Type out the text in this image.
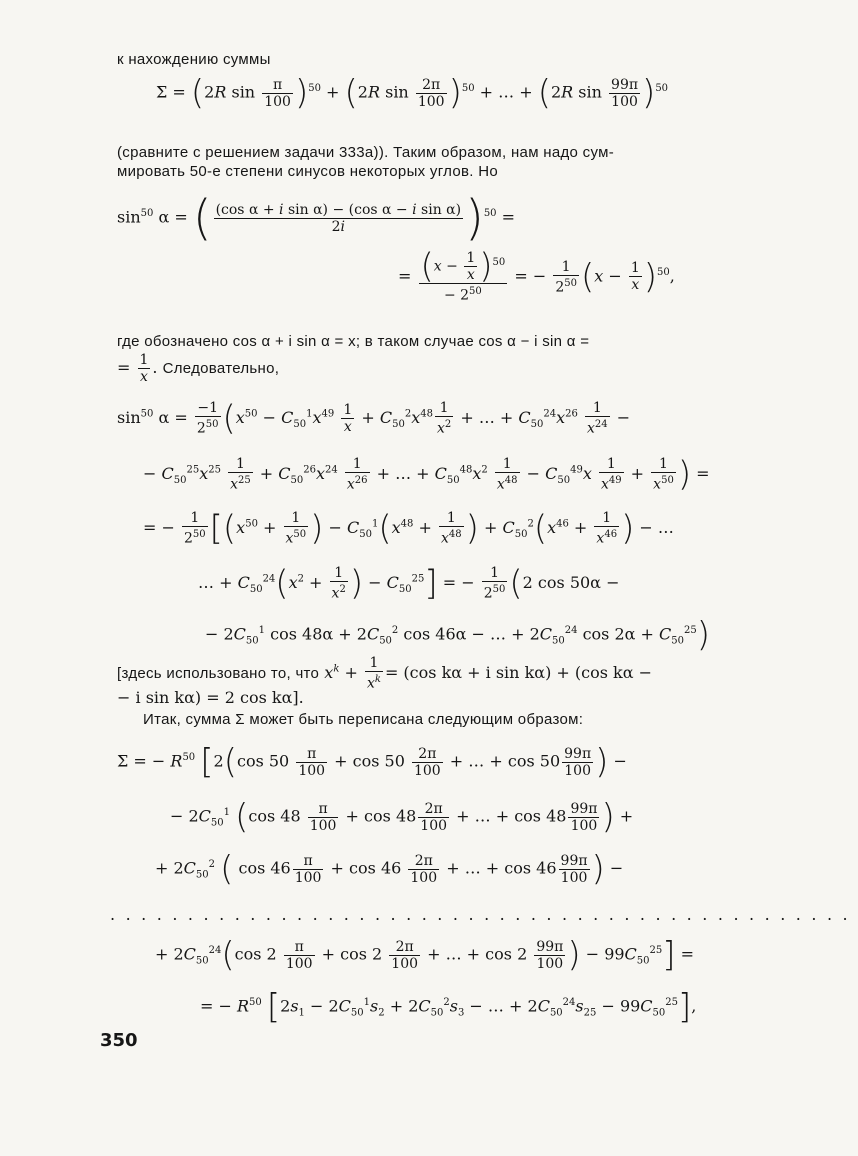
к нахождению суммы
Σ = (2R $\sin \frac{\pi}{100} )^{50} + (2R$ $\sin \frac{2\pi}{100} )^{50}$ + … + (2R $\sin \frac{99\pi}{100} )^{50}$
(сравните с решением задачи 333а)). Таким образом, нам надо сум-
мировать 50-е степени синусов некоторых углов. Но
$\sin^{50} \alpha$ = ( $\frac{\text{(cos α + i sin α) − (cos α − i sin α)}}{2i} )^{50}$ =
= $\frac{(x - \frac{1}{x} )^{50}}{- 2^{50}}$ = − $\frac{1}{2^{50}} (x - \frac{1}{x} )^{50}$,
где обозначено cos α + i sin α = x; в таком случае cos α − i sin α =
= $\frac{1}{x}$ . Следовательно,
$\sin^{50} \alpha = \frac{-1}{2^{50}} (x^{50} - C_{50}^1x^{49} \frac{1}{x} + C_{50}^2x^{48} \frac{1}{x^2}$ + … + $C_{50}^{24}x^{26} \frac{1}{x^{24}}$ −
− $C_{50}^{25}x^{25} \frac{1}{x^{25}} + C_{50}^{26}x^{24} \frac{1}{x^{26}}$ + … + $C_{50}^{48}x^2 \frac{1}{x^{48}} - C_{50}^{49}x \frac{1}{x^{49}} + \frac{1}{x^{50}}$ ) =
= − $\frac{1}{2^{50}} [(x^{50} + \frac{1}{x^{50}}$ ) − $C_{50}^1(x^{48} + \frac{1}{x^{48}}$ ) + $C_{50}^2(x^{46} + \frac{1}{x^{46}}$ ) − …
… + $C_{50}^{24}(x^2 + \frac{1}{x^2}$ ) − $C_{50}^{25}$] = − $\frac{1}{2^{50}} (2$ cos 50α −
− $2C_{50}^1$ $\cos 48\alpha + 2C_{50}^2$ cos 46α − … + $2C_{50}^{24}$ $\cos 2\alpha + C_{50}^{25}$)
[здесь использовано то, что $x^k + \frac{1}{x^k} = (\cos$ kα + i sin kα) + (cos kα −
− i sin kα) = 2 cos kα].
Итак, сумма Σ может быть переписана следующим образом:
Σ = − $R^{50}$ [2(cos $50 \frac{\pi}{100} + \cos 50 \frac{2\pi}{100}$ + … + $\cos 50 \frac{99\pi}{100}$ ) −
− $2C_{50}^1$ (cos $48 \frac{\pi}{100} + \cos 48 \frac{2\pi}{100}$ + … + $\cos 48 \frac{99\pi}{100}$ ) +
+ $2C_{50}^2$ ( $\cos 46 \frac{\pi}{100} + \cos 46 \frac{2\pi}{100}$ + … + $\cos 46 \frac{99\pi}{100}$ ) −
................................................
+ $2C_{50}^{24}(\cos$ $2 \frac{\pi}{100} + \cos 2 \frac{2\pi}{100}$ + … + $\cos 2 \frac{99\pi}{100}$ ) − $99C_{50}^{25}$] =
= − $R^{50}$ [$2s_1 - 2C_{50}^1s_2 + 2C_{50}^2s_3$ − … + $2C_{50}^{24}s_{25} - 99C_{50}^{25}$],
350
